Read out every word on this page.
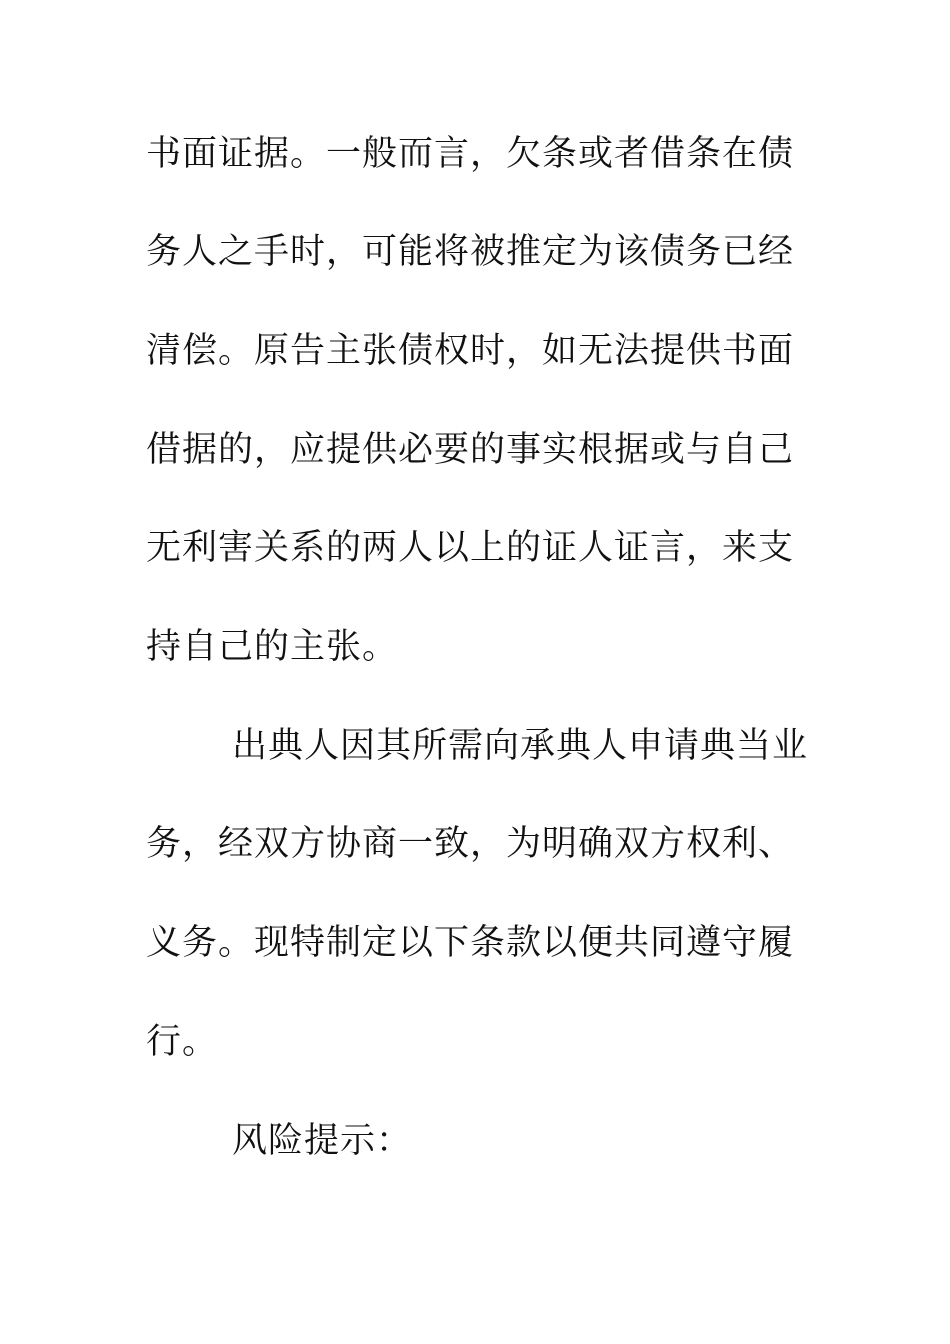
书面证据。一般而言，欠条或者借条在债
务人之手时，可能将被推定为该债务已经
清偿。原告主张债权时，如无法提供书面
借据的，应提供必要的事实根据或与自己
无利害关系的两人以上的证人证言，来支
持自己的主张。
出典人因其所需向承典人申请典当业
务，经双方协商一致，为明确双方权利、
义务。现特制定以下条款以便共同遵守履
行。
风险提示：
